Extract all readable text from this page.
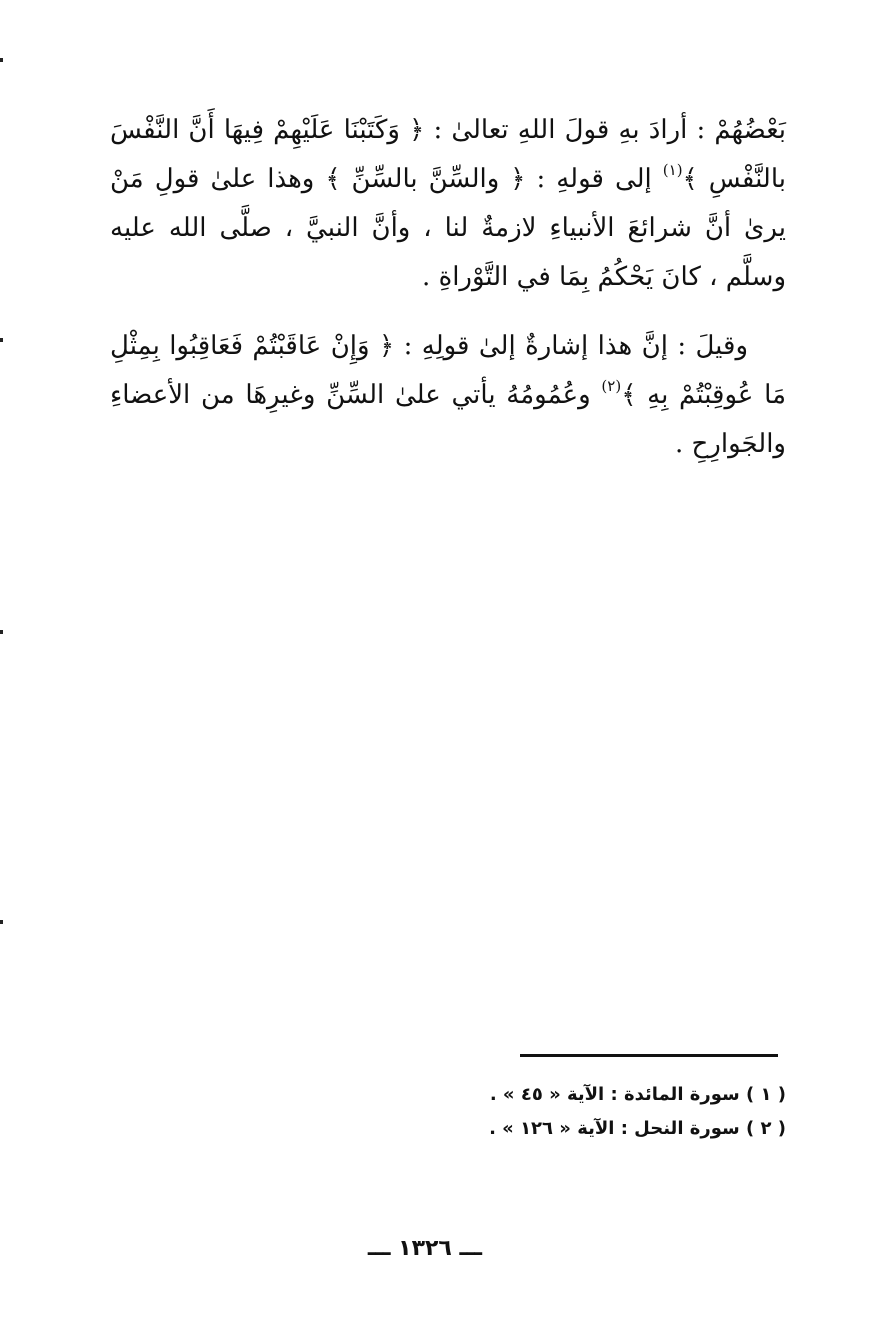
بَعْضُهُمْ : أرادَ بهِ قولَ اللهِ تعالىٰ : ﴿ وَكَتَبْنَا عَلَيْهِمْ فِيهَا أَنَّ النَّفْسَ بالنَّفْسِ ﴾$^{(١)}$ إلى قولهِ : ﴿ والسِّنَّ بالسِّنِّ ﴾ وهذا علىٰ قولِ مَنْ يرىٰ أنَّ شرائعَ الأنبياءِ لازمةٌ لنا ، وأنَّ النبيَّ ، صلَّى الله عليه وسلَّم ، كانَ يَحْكُمُ بِمَا في التَّوْراةِ .

وقيلَ : إنَّ هذا إشارةٌ إلىٰ قولِهِ : ﴿ وَإِنْ عَاقَبْتُمْ فَعَاقِبُوا بِمِثْلِ مَا عُوقِبْتُمْ بِهِ ﴾$^{(٢)}$ وعُمُومُهُ يأتي علىٰ السِّنِّ وغيرِهَا من الأعضاءِ والجَوارِحِ .

( ١ ) سورة المائدة : الآية « ٤٥ » .
( ٢ ) سورة النحل : الآية « ١٢٦ » .
ـــ ١٣٢٦ ـــ
